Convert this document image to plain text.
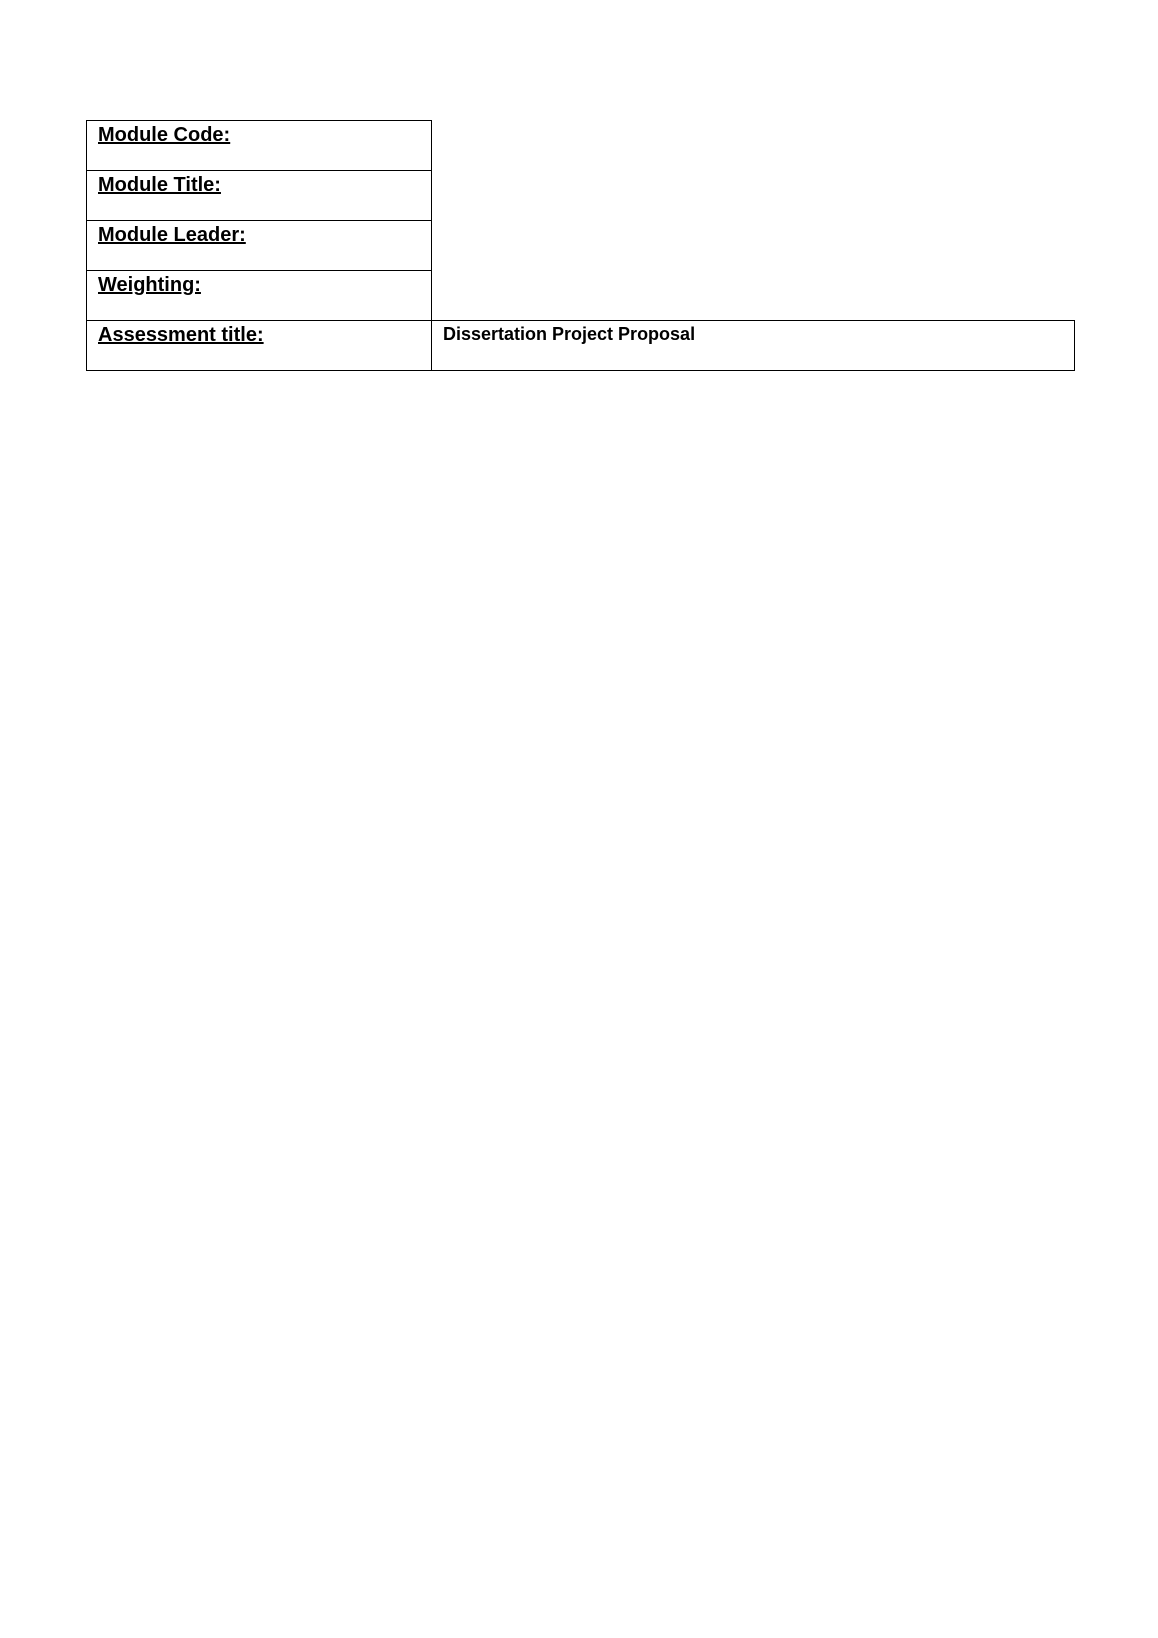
Module Code:
Module Title:
Module Leader:
Weighting:
Assessment title:	Dissertation Project Proposal
